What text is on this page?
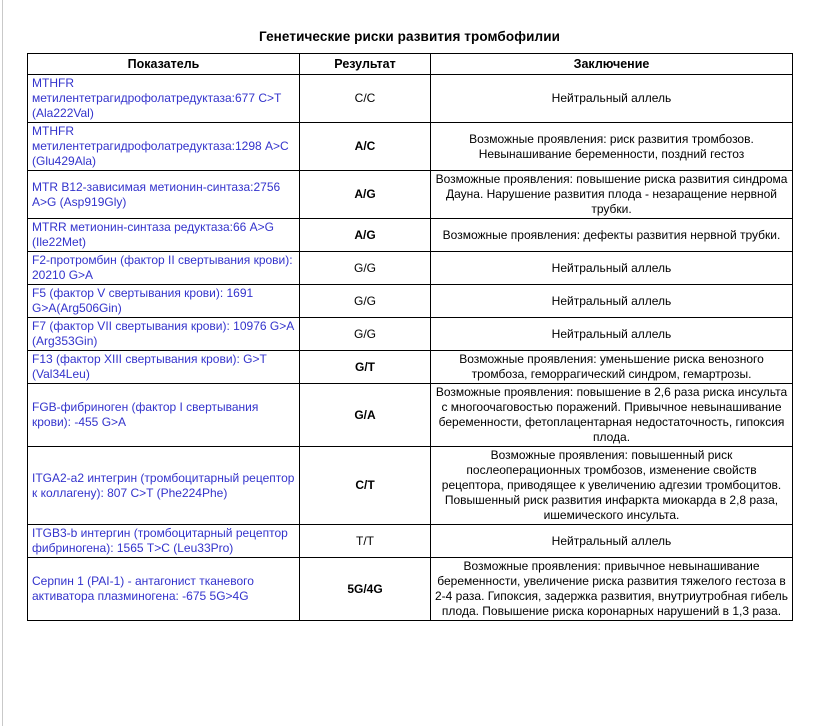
Генетические риски развития тромбофилии
Показатель	Результат	Заключение
MTHFR метилентетрагидрофолатредуктаза:677 C>T (Ala222Val)	C/C	Нейтральный аллель
MTHFR метилентетрагидрофолатредуктаза:1298 A>C (Glu429Ala)	A/C	Возможные проявления: риск развития тромбозов. Невынашивание беременности, поздний гестоз
MTR B12-зависимая метионин-синтаза:2756 A>G (Asp919Gly)	A/G	Возможные проявления: повышение риска развития синдрома Дауна. Нарушение развития плода - незаращение нервной трубки.
MTRR метионин-синтаза редуктаза:66 A>G (Ile22Met)	A/G	Возможные проявления: дефекты развития нервной трубки.
F2-протромбин (фактор II свертывания крови): 20210 G>A	G/G	Нейтральный аллель
F5 (фактор V свертывания крови): 1691 G>A(Arg506Gin)	G/G	Нейтральный аллель
F7 (фактор VII свертывания крови): 10976 G>A (Arg353Gin)	G/G	Нейтральный аллель
F13 (фактор XIII свертывания крови): G>T (Val34Leu)	G/T	Возможные проявления: уменьшение риска венозного тромбоза, геморрагический синдром, гемартрозы.
FGB-фибриноген (фактор I свертывания крови): -455 G>A	G/A	Возможные проявления: повышение в 2,6 раза риска инсульта с многоочаговостью поражений. Привычное невынашивание беременности, фетоплацентарная недостаточность, гипоксия плода.
ITGA2-a2 интегрин (тромбоцитарный рецептор к коллагену): 807 C>T (Phe224Phe)	C/T	Возможные проявления: повышенный риск послеоперационных тромбозов, изменение свойств рецептора, приводящее к увеличению адгезии тромбоцитов. Повышенный риск развития инфаркта миокарда в 2,8 раза, ишемического инсульта.
ITGB3-b интергин (тромбоцитарный рецептор фибриногена): 1565 T>C (Leu33Pro)	T/T	Нейтральный аллель
Серпин 1 (PAI-1) - антагонист тканевого активатора плазминогена: -675 5G>4G	5G/4G	Возможные проявления: привычное невынашивание беременности, увеличение риска развития тяжелого гестоза в 2-4 раза. Гипоксия, задержка развития, внутриутробная гибель плода. Повышение риска коронарных нарушений в 1,3 раза.
